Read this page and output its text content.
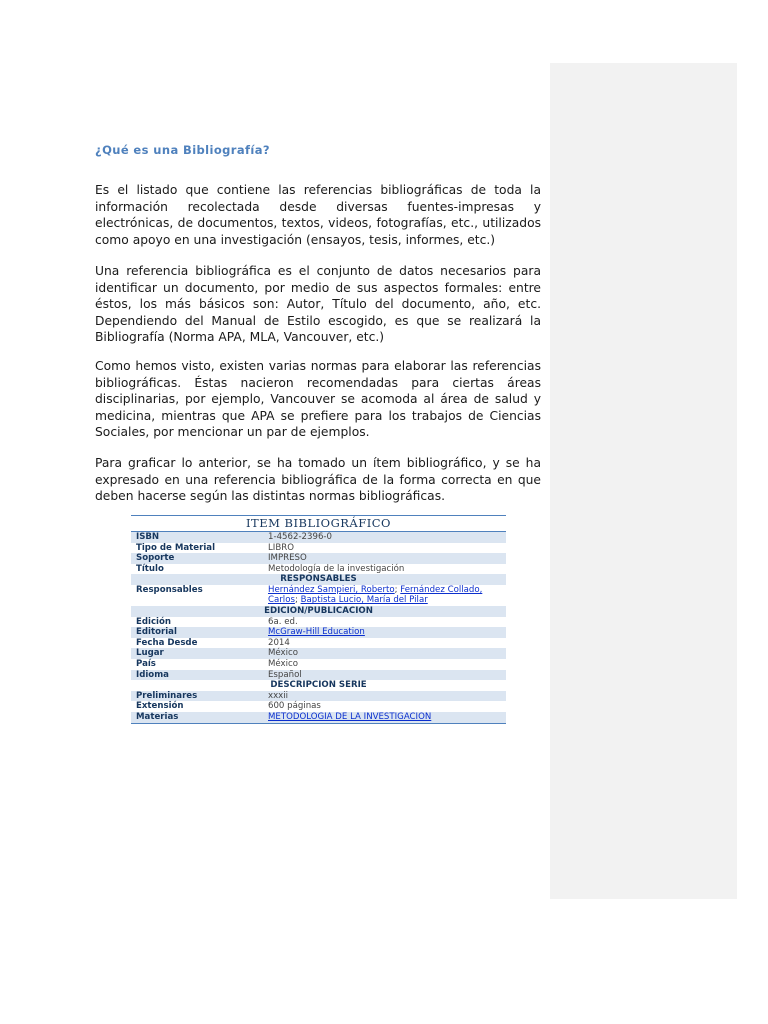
¿Qué es una Bibliografía?

Es el listado que contiene las referencias bibliográficas de toda la información recolectada desde diversas fuentes-impresas y electrónicas, de documentos, textos, videos, fotografías, etc., utilizados como apoyo en una investigación (ensayos, tesis, informes, etc.)

Una referencia bibliográfica es el conjunto de datos necesarios para identificar un documento, por medio de sus aspectos formales: entre éstos, los más básicos son: Autor, Título del documento, año, etc. Dependiendo del Manual de Estilo escogido, es que se realizará la Bibliografía (Norma APA, MLA, Vancouver, etc.)

Como hemos visto, existen varias normas para elaborar las referencias bibliográficas. Éstas nacieron recomendadas para ciertas áreas disciplinarias, por ejemplo, Vancouver se acomoda al área de salud y medicina, mientras que APA se prefiere para los trabajos de Ciencias Sociales, por mencionar un par de ejemplos.

Para graficar lo anterior, se ha tomado un ítem bibliográfico, y se ha expresado en una referencia bibliográfica de la forma correcta en que deben hacerse según las distintas normas bibliográficas.

ITEM BIBLIOGRÁFICO
ISBN	1-4562-2396-0
Tipo de Material	LIBRO
Soporte	IMPRESO
Título	Metodología de la investigación
RESPONSABLES
Responsables	Hernández Sampieri, Roberto; Fernández Collado, Carlos; Baptista Lucio, María del Pilar
EDICION/PUBLICACION
Edición	6a. ed.
Editorial	McGraw-Hill Education
Fecha Desde	2014
Lugar	México
País	México
Idioma	Español
DESCRIPCION SERIE
Preliminares	xxxii
Extensión	600 páginas
Materias	METODOLOGIA DE LA INVESTIGACION
